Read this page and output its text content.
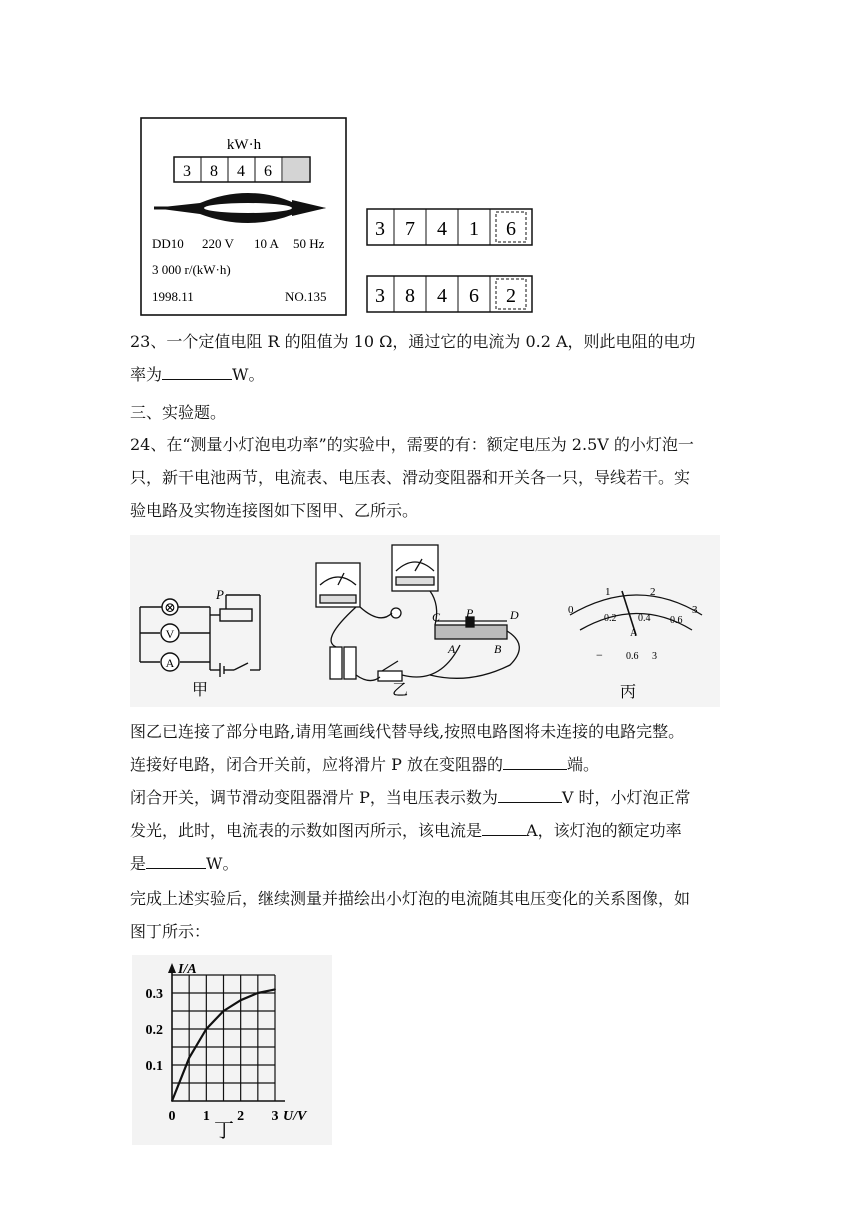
kW·h
3 8 4 6
DD10 220 V 10 A 50 Hz
3 000 r/(kW·h)
1998.11	NO.135
3 7 4 1 6
3 8 4 6 2

23、一个定值电阻 R 的阻值为 10 Ω，通过它的电流为 0.2 A，则此电阻的电功

率为	W。

三、实验题。

24、在“测量小灯泡电功率”的实验中，需要的有：额定电压为 2.5V 的小灯泡一

只，新干电池两节，电流表、电压表、滑动变阻器和开关各一只，导线若干。实

验电路及实物连接图如下图甲、乙所示。

⊗
V
A
P
甲
C P	D
A	B
乙
0
1	2
3
0.2 0.4 0.6
A
− 0.6 3
丙

图乙已连接了部分电路,请用笔画线代替导线,按照电路图将未连接的电路完整。

连接好电路，闭合开关前，应将滑片 P 放在变阻器的	端。

闭合开关，调节滑动变阻器滑片 P，当电压表示数为	V 时，小灯泡正常

发光，此时，电流表的示数如图丙所示，该电流是	A，该灯泡的额定功率

是	W。

完成上述实验后，继续测量并描绘出小灯泡的电流随其电压变化的关系图像，如

图丁所示：

0 1 2 3
0.1
0.2
0.3
I/A
U/V
丁
